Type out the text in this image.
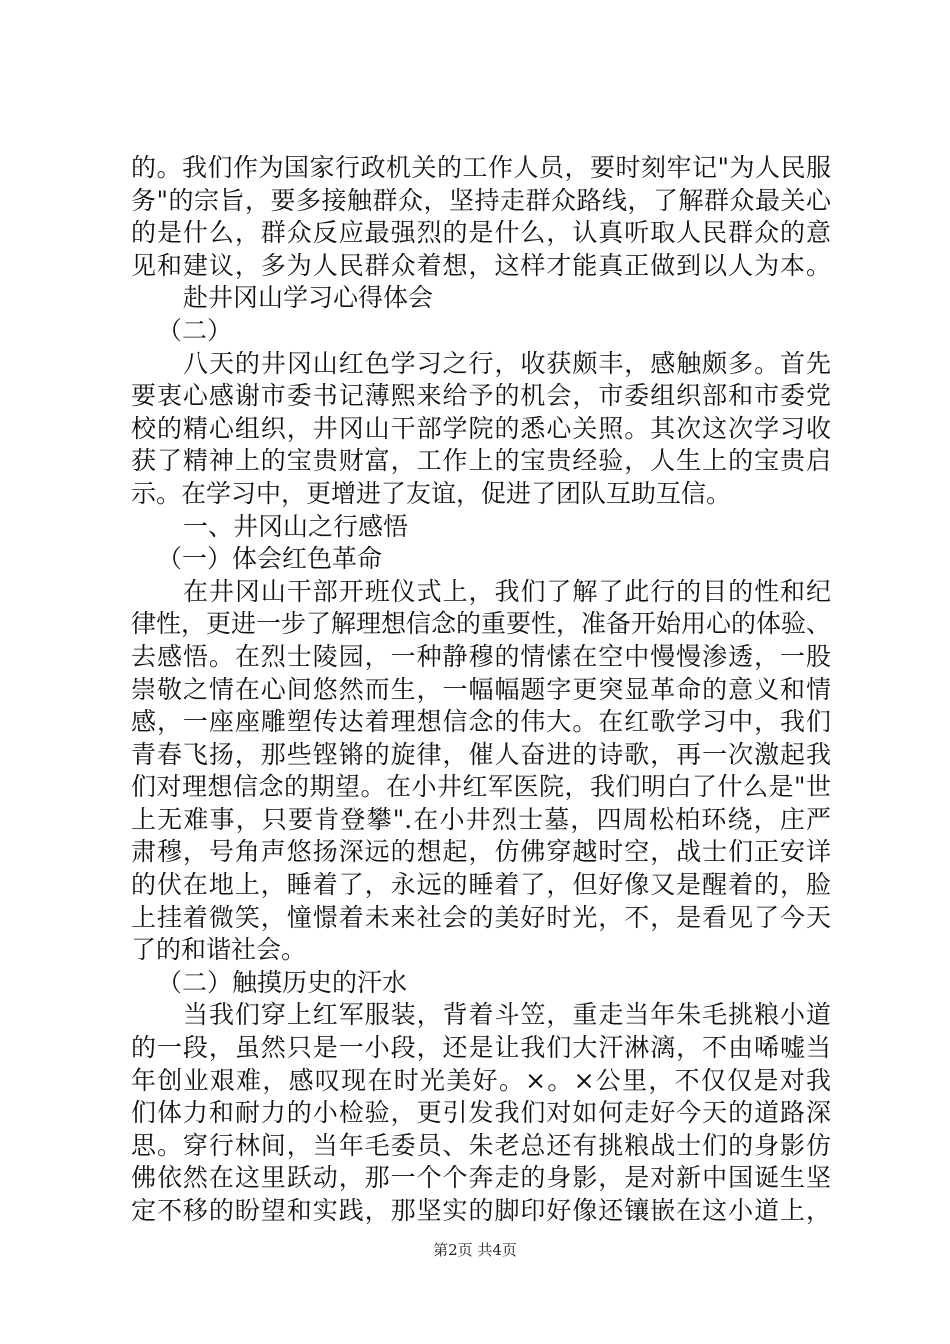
的。我们作为国家行政机关的工作人员，要时刻牢记"为人民服
务"的宗旨，要多接触群众，坚持走群众路线，了解群众最关心
的是什么，群众反应最强烈的是什么，认真听取人民群众的意
见和建议，多为人民群众着想，这样才能真正做到以人为本。
赴井冈山学习心得体会
（二）
八天的井冈山红色学习之行，收获颇丰，感触颇多。首先
要衷心感谢市委书记薄熙来给予的机会，市委组织部和市委党
校的精心组织，井冈山干部学院的悉心关照。其次这次学习收
获了精神上的宝贵财富，工作上的宝贵经验，人生上的宝贵启
示。在学习中，更增进了友谊，促进了团队互助互信。
一、井冈山之行感悟
（一）体会红色革命
在井冈山干部开班仪式上，我们了解了此行的目的性和纪
律性，更进一步了解理想信念的重要性，准备开始用心的体验、
去感悟。在烈士陵园，一种静穆的情愫在空中慢慢渗透，一股
崇敬之情在心间悠然而生，一幅幅题字更突显革命的意义和情
感，一座座雕塑传达着理想信念的伟大。在红歌学习中，我们
青春飞扬，那些铿锵的旋律，催人奋进的诗歌，再一次激起我
们对理想信念的期望。在小井红军医院，我们明白了什么是"世
上无难事，只要肯登攀".在小井烈士墓，四周松柏环绕，庄严
肃穆，号角声悠扬深远的想起，仿佛穿越时空，战士们正安详
的伏在地上，睡着了，永远的睡着了，但好像又是醒着的，脸
上挂着微笑，憧憬着未来社会的美好时光，不，是看见了今天
了的和谐社会。
（二）触摸历史的汗水
当我们穿上红军服装，背着斗笠，重走当年朱毛挑粮小道
的一段，虽然只是一小段，还是让我们大汗淋漓，不由唏嘘当
年创业艰难，感叹现在时光美好。×。×公里，不仅仅是对我
们体力和耐力的小检验，更引发我们对如何走好今天的道路深
思。穿行林间，当年毛委员、朱老总还有挑粮战士们的身影仿
佛依然在这里跃动，那一个个奔走的身影，是对新中国诞生坚
定不移的盼望和实践，那坚实的脚印好像还镶嵌在这小道上，
第2页 共4页
